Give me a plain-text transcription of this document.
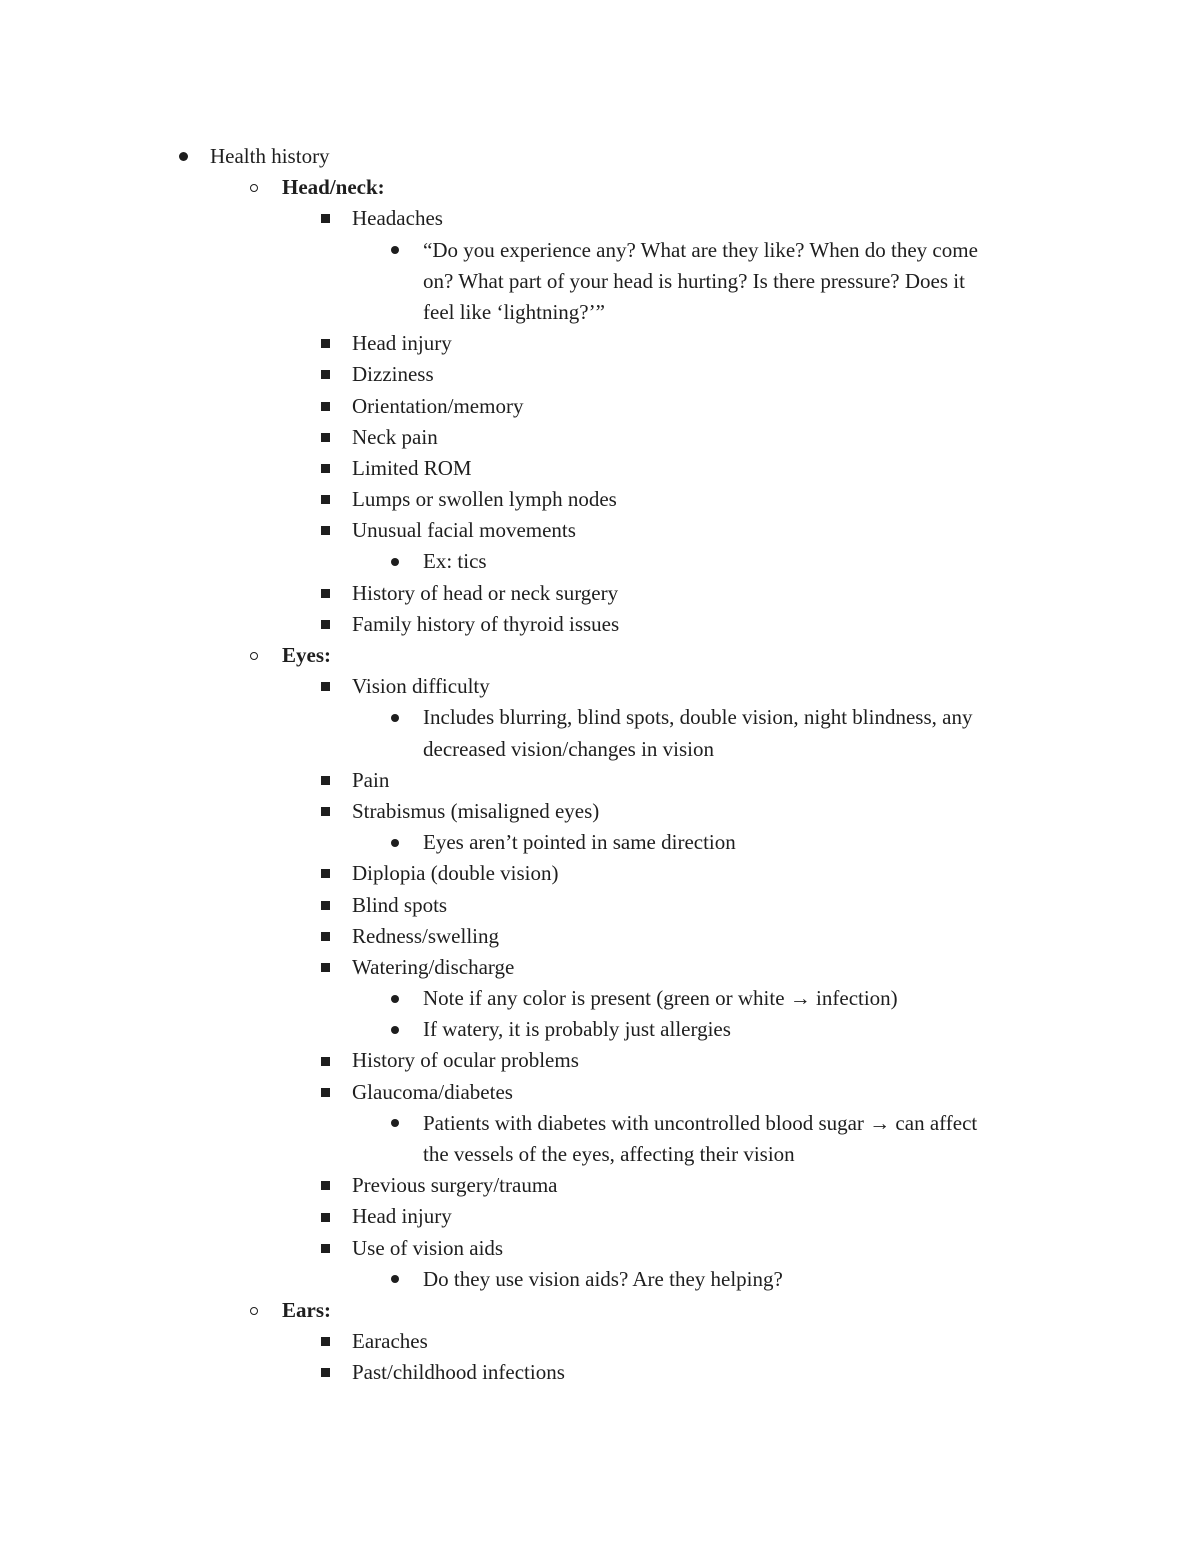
Health history
Head/neck:
Headaches
“Do you experience any? What are they like? When do they come
on? What part of your head is hurting? Is there pressure? Does it
feel like ‘lightning?’”
Head injury
Dizziness
Orientation/memory
Neck pain
Limited ROM
Lumps or swollen lymph nodes
Unusual facial movements
Ex: tics
History of head or neck surgery
Family history of thyroid issues
Eyes:
Vision difficulty
Includes blurring, blind spots, double vision, night blindness, any
decreased vision/changes in vision
Pain
Strabismus (misaligned eyes)
Eyes aren’t pointed in same direction
Diplopia (double vision)
Blind spots
Redness/swelling
Watering/discharge
Note if any color is present (green or white → infection)
If watery, it is probably just allergies
History of ocular problems
Glaucoma/diabetes
Patients with diabetes with uncontrolled blood sugar → can affect
the vessels of the eyes, affecting their vision
Previous surgery/trauma
Head injury
Use of vision aids
Do they use vision aids? Are they helping?
Ears:
Earaches
Past/childhood infections
